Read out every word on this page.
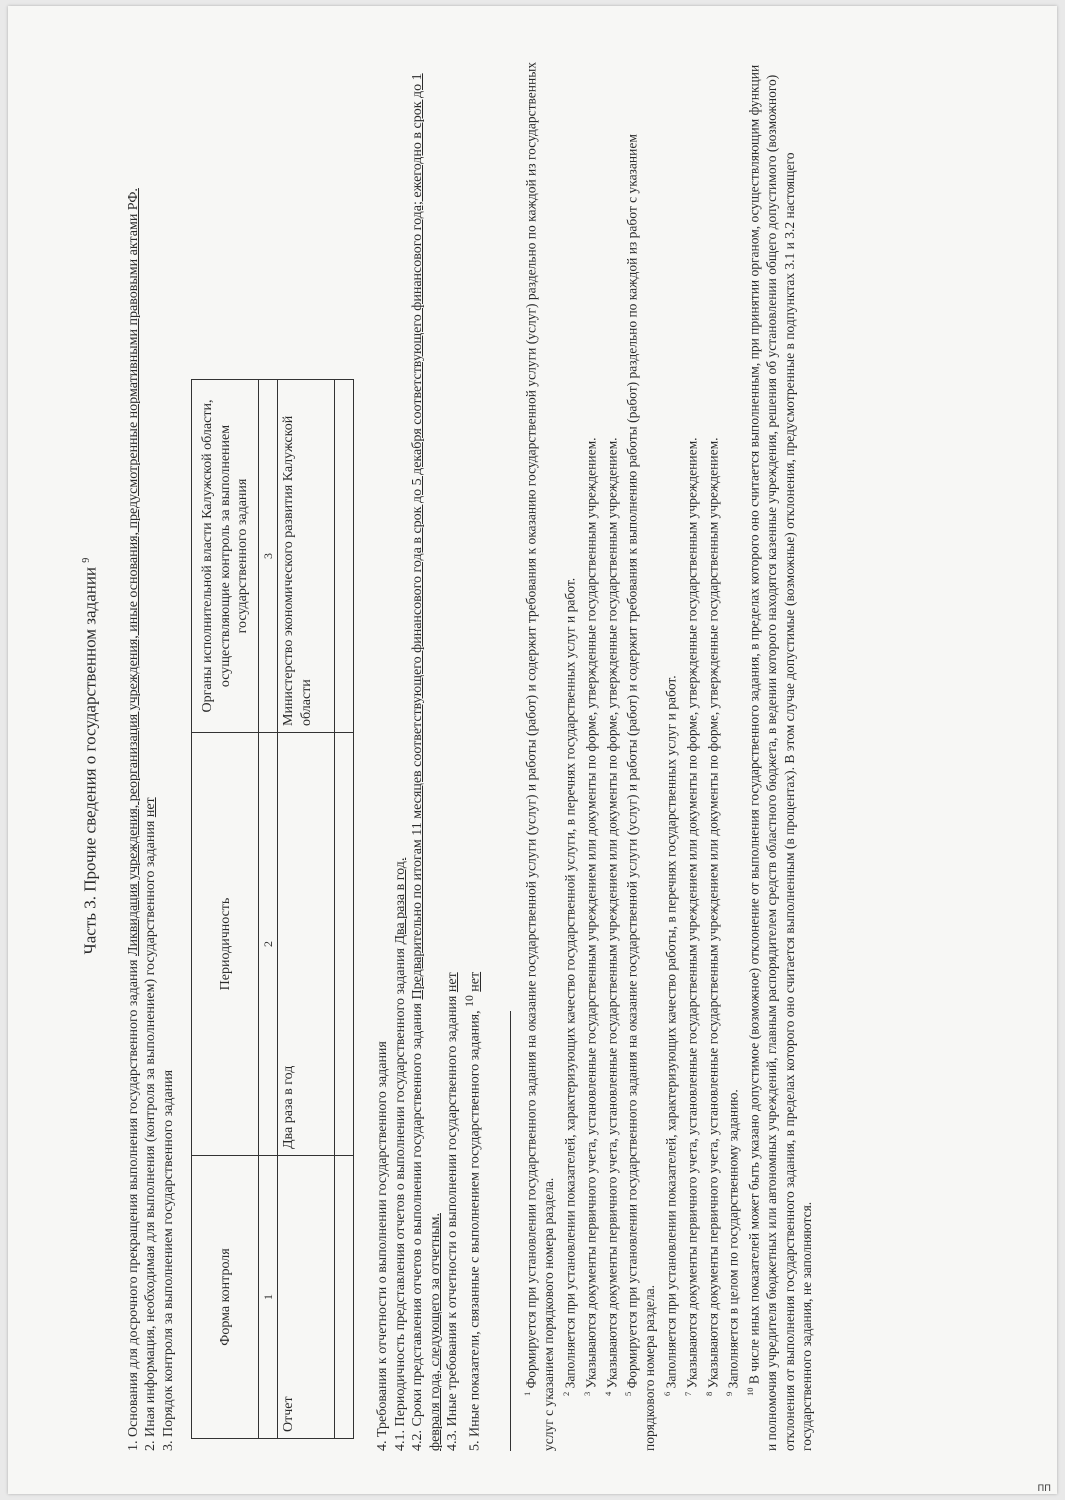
Часть 3. Прочие сведения о государственном задании $^9$

1. Основания для досрочного прекращения выполнения государственного задания Ликвидация учреждения, реорганизация учреждения, иные основания, предусмотренные нормативными правовыми актами РФ.

2. Иная информация, необходимая для выполнения (контроля за выполнением) государственного задания нет

3. Порядок контроля за выполнением государственного задания	Форма контроля	Периодичность	Органы исполнительной власти Калужской области, осуществляющие контроль за выполнением государственного задания
1	2	3
Отчет	Два раза в год	Министерство экономического развития Калужской области

4. Требования к отчетности о выполнении государственного задания 4.1. Периодичность представления отчетов о выполнении государственного задания Два раза в год.

4.2. Сроки представления отчетов о выполнении государственного задания Предварительно по итогам 11 месяцев соответствующего финансового года в срок до 5 декабря соответствующего финансового года; ежегодно в срок до 1 февраля года, следующего за отчетным. 4.3. Иные требования к отчетности о выполнении государственного задания нет

5. Иные показатели, связанные с выполнением государственного задания, $^{10}$ нет

$^1$ Формируется при установлении государственного задания на оказание государственной услуги (услуг) и работы (работ) и содержит требования к оказанию государственной услуги (услуг) раздельно по каждой из государственных услуг с указанием порядкового номера раздела. $^2$ Заполняется при установлении показателей, характеризующих качество государственной услуги, в перечнях государственных услуг и работ.

$^3$ Указываются документы первичного учета, установленные государственным учреждением или документы по форме, утвержденные государственным учреждением.

$^4$ Указываются документы первичного учета, установленные государственным учреждением или документы по форме, утвержденные государственным учреждением.

$^5$ Формируется при установлении государственного задания на оказание государственной услуги (услуг) и работы (работ) и содержит требования к выполнению работы (работ) раздельно по каждой из работ с указанием порядкового номера раздела. $^6$ Заполняется при установлении показателей, характеризующих качество работы, в перечнях государственных услуг и работ.

$^7$ Указываются документы первичного учета, установленные государственным учреждением или документы по форме, утвержденные государственным учреждением.

$^8$ Указываются документы первичного учета, установленные государственным учреждением или документы по форме, утвержденные государственным учреждением.

$^9$ Заполняется в целом по государственному заданию.

$^{10}$ В числе иных показателей может быть указано допустимое (возможное) отклонение от выполнения государственного задания, в пределах которого оно считается выполненным, при принятии органом, осуществляющим функции и полномочия учредителя бюджетных или автономных учреждений, главным распорядителем средств областного бюджета, в ведении которого находятся казенные учреждения, решения об установлении общего допустимого (возможного) отклонения от выполнения государственного задания, в пределах которого оно считается выполненным (в процентах). В этом случае допустимые (возможные) отклонения, предусмотренные в подпунктах 3.1 и 3.2 настоящего государственного задания, не заполняются.

ПП
